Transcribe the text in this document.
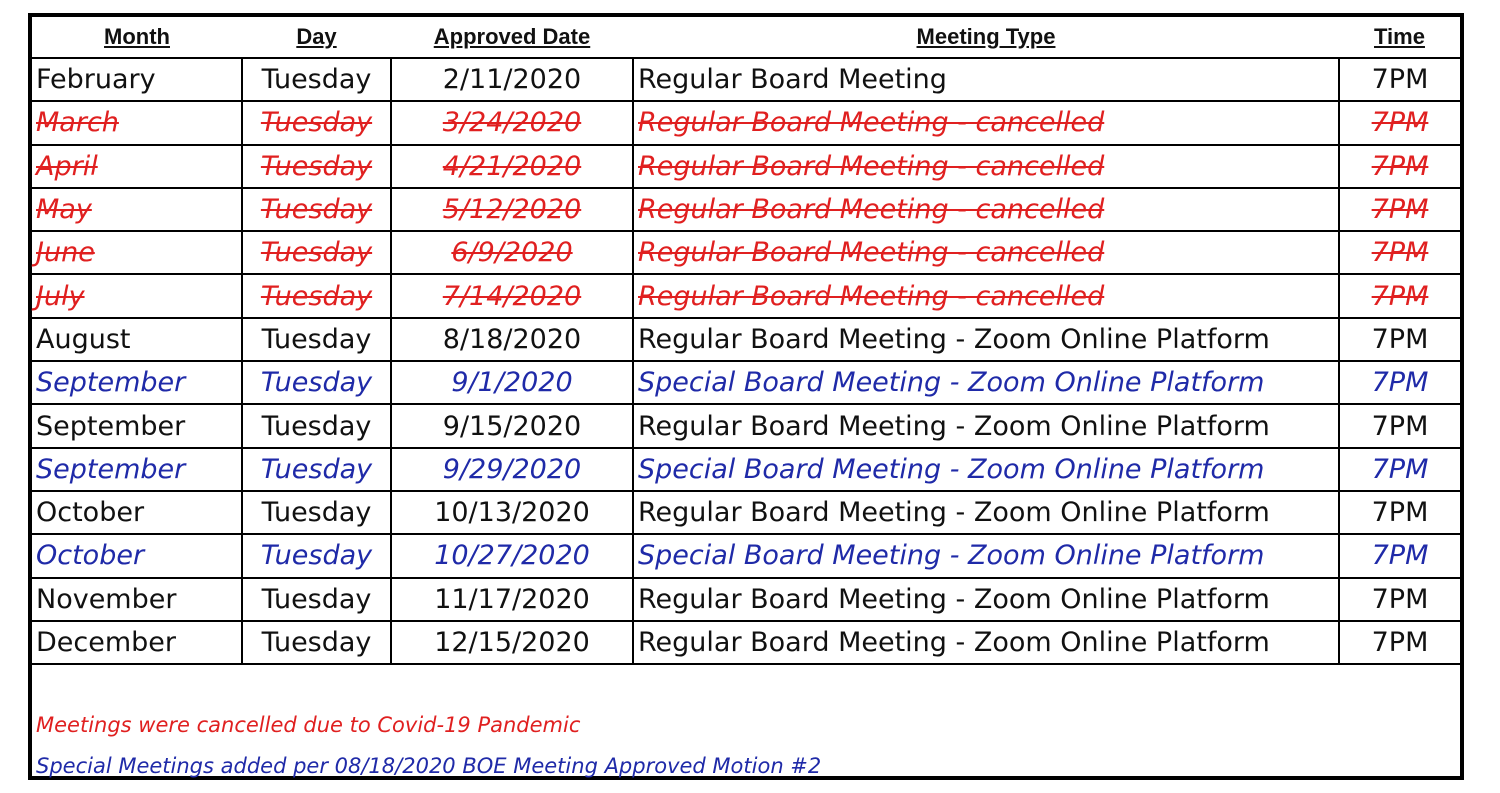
Month	Day	Approved Date	Meeting Type	Time
February	Tuesday	2/11/2020	Regular Board Meeting	7PM
March	Tuesday	3/24/2020	Regular Board Meeting - cancelled	7PM
April	Tuesday	4/21/2020	Regular Board Meeting - cancelled	7PM
May	Tuesday	5/12/2020	Regular Board Meeting - cancelled	7PM
June	Tuesday	6/9/2020	Regular Board Meeting - cancelled	7PM
July	Tuesday	7/14/2020	Regular Board Meeting - cancelled	7PM
August	Tuesday	8/18/2020	Regular Board Meeting - Zoom Online Platform	7PM
September	Tuesday	9/1/2020	Special Board Meeting - Zoom Online Platform	7PM
September	Tuesday	9/15/2020	Regular Board Meeting - Zoom Online Platform	7PM
September	Tuesday	9/29/2020	Special Board Meeting - Zoom Online Platform	7PM
October	Tuesday	10/13/2020	Regular Board Meeting - Zoom Online Platform	7PM
October	Tuesday	10/27/2020	Special Board Meeting - Zoom Online Platform	7PM
November	Tuesday	11/17/2020	Regular Board Meeting - Zoom Online Platform	7PM
December	Tuesday	12/15/2020	Regular Board Meeting - Zoom Online Platform	7PM

Meetings were cancelled due to Covid-19 Pandemic

Special Meetings added per 08/18/2020 BOE Meeting Approved Motion #2
